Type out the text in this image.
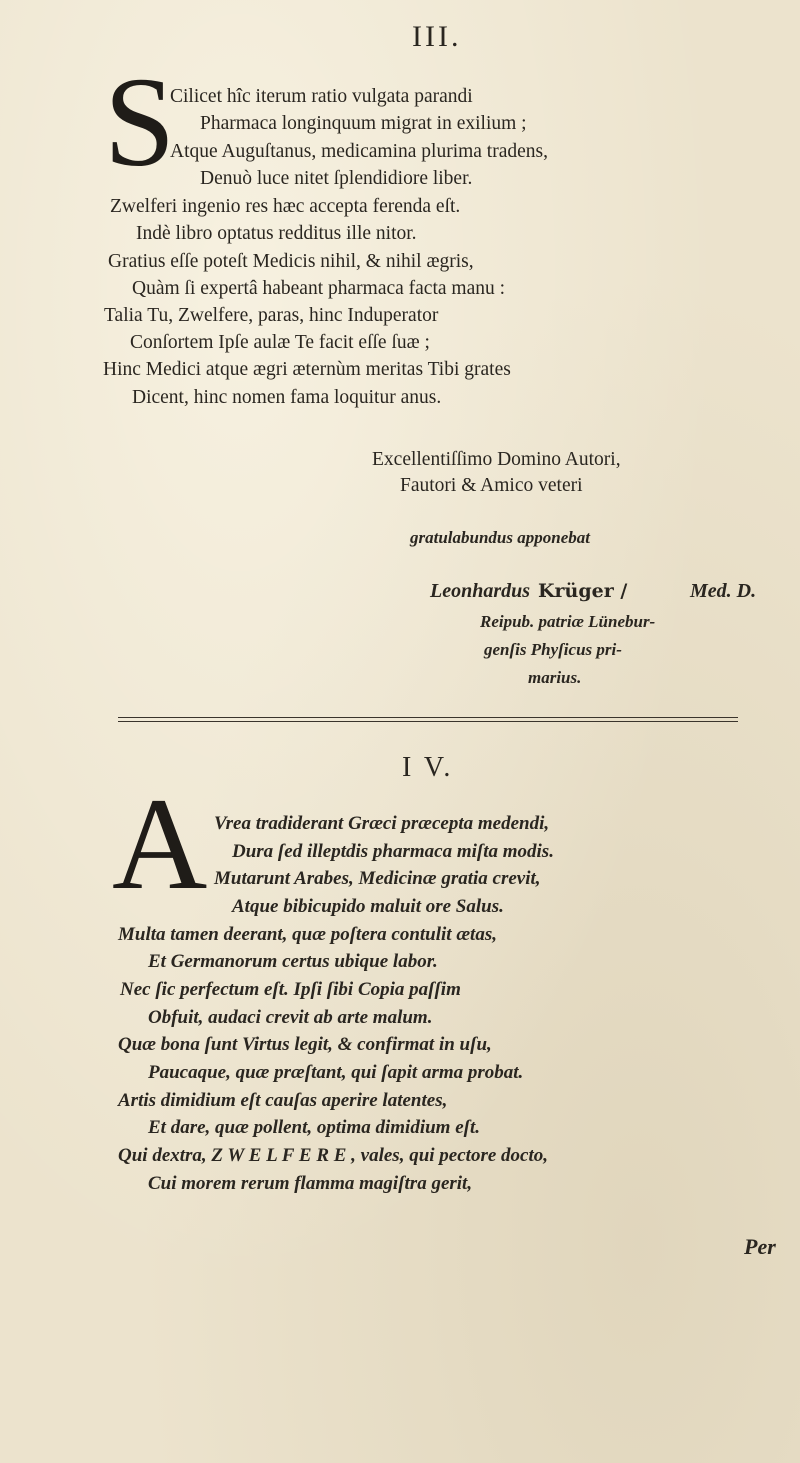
III.
S
Cilicet hîc iterum ratio vulgata parandi
Pharmaca longinquum migrat in exilium ;
Atque Auguſtanus, medicamina plurima tradens,
Denuò luce nitet ſplendidiore liber.
Zwelferi ingenio res hæc accepta ferenda eſt.
Indè libro optatus redditus ille nitor.
Gratius eſſe poteſt Medicis nihil, & nihil ægris,
Quàm ſi expertâ habeant pharmaca facta manu :
Talia Tu, Zwelfere, paras, hinc Induperator
Conſortem Ipſe aulæ Te facit eſſe ſuæ ;
Hinc Medici atque ægri æternùm meritas Tibi grates
Dicent, hinc nomen fama loquitur anus.
Excellentiſſimo Domino Autori,
Fautori & Amico veteri
gratulabundus apponebat
Leonhardus Krüger /	Med. D.
Reipub. patriæ Lünebur-
genſis Phyſicus pri-
marius.
I V.
A Vrea tradiderant Græci præcepta medendi,
Dura ſed illeptdis pharmaca miſta modis.
Mutarunt Arabes, Medicinæ gratia crevit,
Atque bibicupido maluit ore Salus.
Multa tamen deerant, quæ poſtera contulit ætas,
Et Germanorum certus ubique labor.
Nec ſic perfectum eſt. Ipſi ſibi Copia paſſim
Obfuit, audaci crevit ab arte malum.
Quæ bona ſunt Virtus legit, & confirmat in uſu,
Paucaque, quæ præſtant, qui ſapit arma probat.
Artis dimidium eſt cauſas aperire latentes,
Et dare, quæ pollent, optima dimidium eſt.
Qui dextra, Z W E L F E R E , vales, qui pectore docto,
Cui morem rerum flamma magiſtra gerit,
Per
